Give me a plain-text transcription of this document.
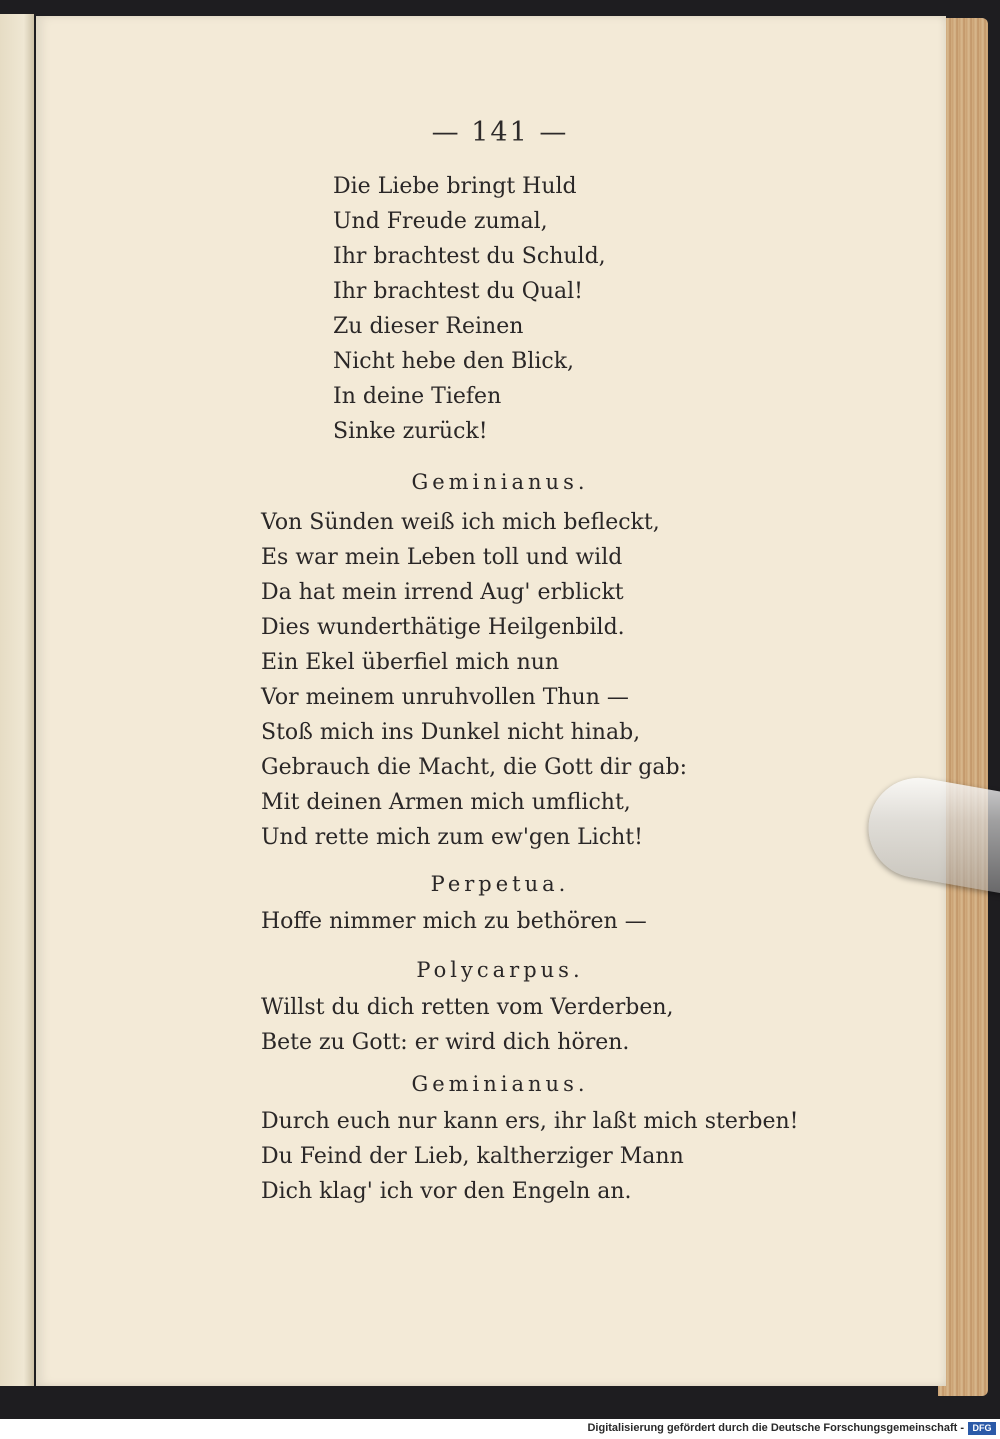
— 141 —
Die Liebe bringt Huld
Und Freude zumal,
Ihr brachtest du Schuld,
Ihr brachtest du Qual!
Zu dieser Reinen
Nicht hebe den Blick,
In deine Tiefen
Sinke zurück!
Geminianus.
Von Sünden weiß ich mich befleckt,
Es war mein Leben toll und wild
Da hat mein irrend Aug' erblickt
Dies wunderthätige Heilgenbild.
Ein Ekel überfiel mich nun
Vor meinem unruhvollen Thun —
Stoß mich ins Dunkel nicht hinab,
Gebrauch die Macht, die Gott dir gab:
Mit deinen Armen mich umflicht,
Und rette mich zum ew'gen Licht!
Perpetua.
Hoffe nimmer mich zu bethören —
Polycarpus.
Willst du dich retten vom Verderben,
Bete zu Gott: er wird dich hören.
Geminianus.
Durch euch nur kann ers, ihr laßt mich sterben!
Du Feind der Lieb, kaltherziger Mann
Dich klag' ich vor den Engeln an.
Digitalisierung gefördert durch die Deutsche Forschungsgemeinschaft - DFG
